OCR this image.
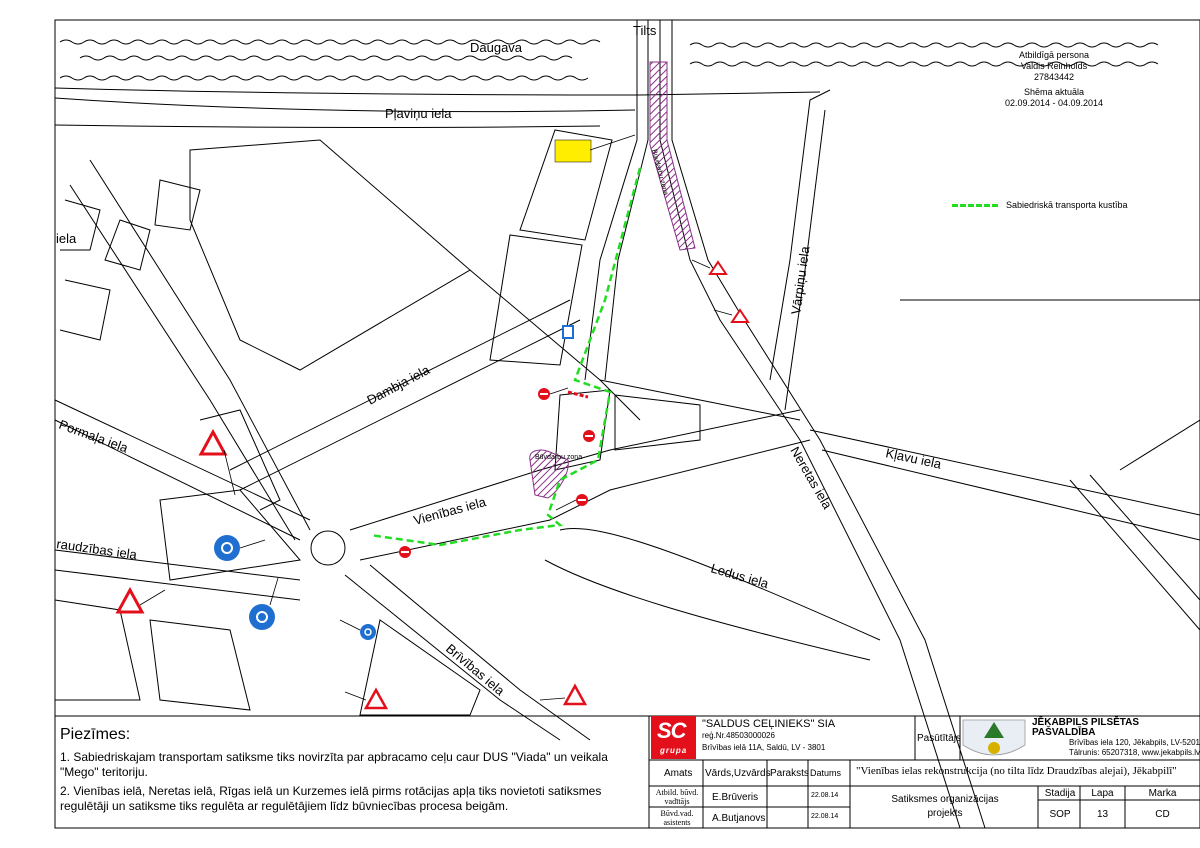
Būvdarbu zona
Būvdarbu zona
Daugava
Tilts
Pļaviņu iela
Dambja iela
Pormaļa iela
Vienības iela	Neretas iela	Kļavu iela
Vārpiņu iela
Ledus iela
Brīvības iela
raudzības iela
iela
Atbildīgā persona
Valdis Reinholds
27843442
Shēma aktuāla
02.09.2014 - 04.09.2014
Sabiedriskā transporta kustība
Piezīmes:
1. Sabiedriskajam transportam satiksme tiks novirzīta par apbracamo ceļu caur DUS "Viada" un veikala "Mego" teritoriju.
2. Vienības ielā, Neretas ielā, Rīgas ielā un Kurzemes ielā pirms rotācijas apļa tiks novietoti satiksmes regulētāji un satiksme tiks regulēta ar regulētājiem līdz būvniecības procesa beigām.
SC
grupa
"SALDUS CEĻINIEKS" SIA
reģ.Nr.48503000026
Brīvības ielā 11A, Saldū, LV - 3801
Pasūtītājs
JĒKABPILS PILSĒTAS PAŠVALDĪBA
Brīvības iela 120, Jēkabpils, LV-5201
Tālrunis: 65207318, www.jekabpils.lv
Amats Vārds,Uzvārds Paraksts Datums "Vienības ielas rekonstrukcija (no tilta līdz Draudzības alejai), Jēkabpilī"
Atbild. būvd. vadītājs	E.Brūveris	22.08.14
Būvd.vad. asistents	A.Butjanovs	22.08.14
Satiksmes organizācijas
projekts
Stadija	Lapa	Marka
SOP	13	CD
